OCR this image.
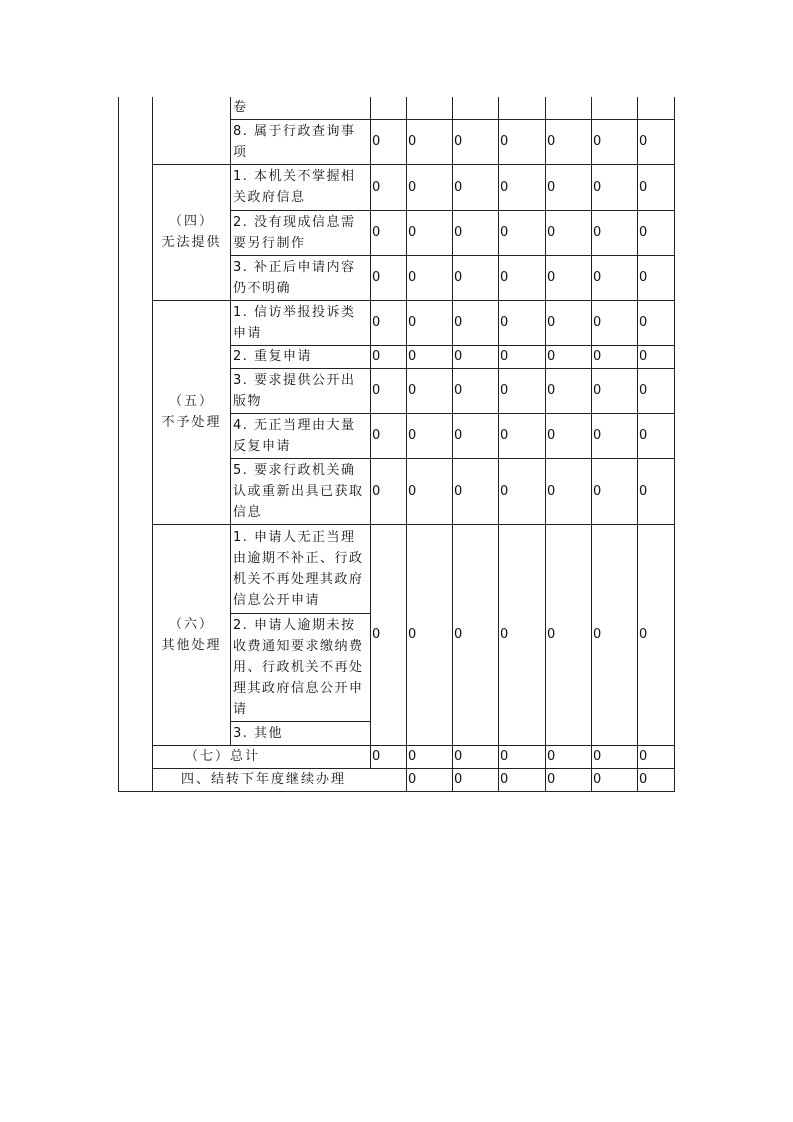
		卷								
		8. 属于行政查询事项	0	0	0	0	0	0	0	

	（四）
无法提供	1. 本机关不掌握相关政府信息	0	0	0	0	0	0	0	
		2. 没有现成信息需要另行制作	0	0	0	0	0	0	0	
		3. 补正后申请内容仍不明确	0	0	0	0	0	0	0	

	（五）
不予处理	1. 信访举报投诉类申请	0	0	0	0	0	0	0	
		2. 重复申请	0	0	0	0	0	0	0	
		3. 要求提供公开出版物	0	0	0	0	0	0	0	
		4. 无正当理由大量反复申请	0	0	0	0	0	0	0	
		5. 要求行政机关确认或重新出具已获取信息	0	0	0	0	0	0	0	

	（六）
其他处理	1. 申请人无正当理由逾期不补正、行政机关不再处理其政府信息公开申请	0	0	0	0	0	0	0	
		2. 申请人逾期未按收费通知要求缴纳费用、行政机关不再处理其政府信息公开申请								
		3. 其他								
	（七）总计		0	0	0	0	0	0	0	
	四、结转下年度继续办理			0	0	0	0	0	0	
